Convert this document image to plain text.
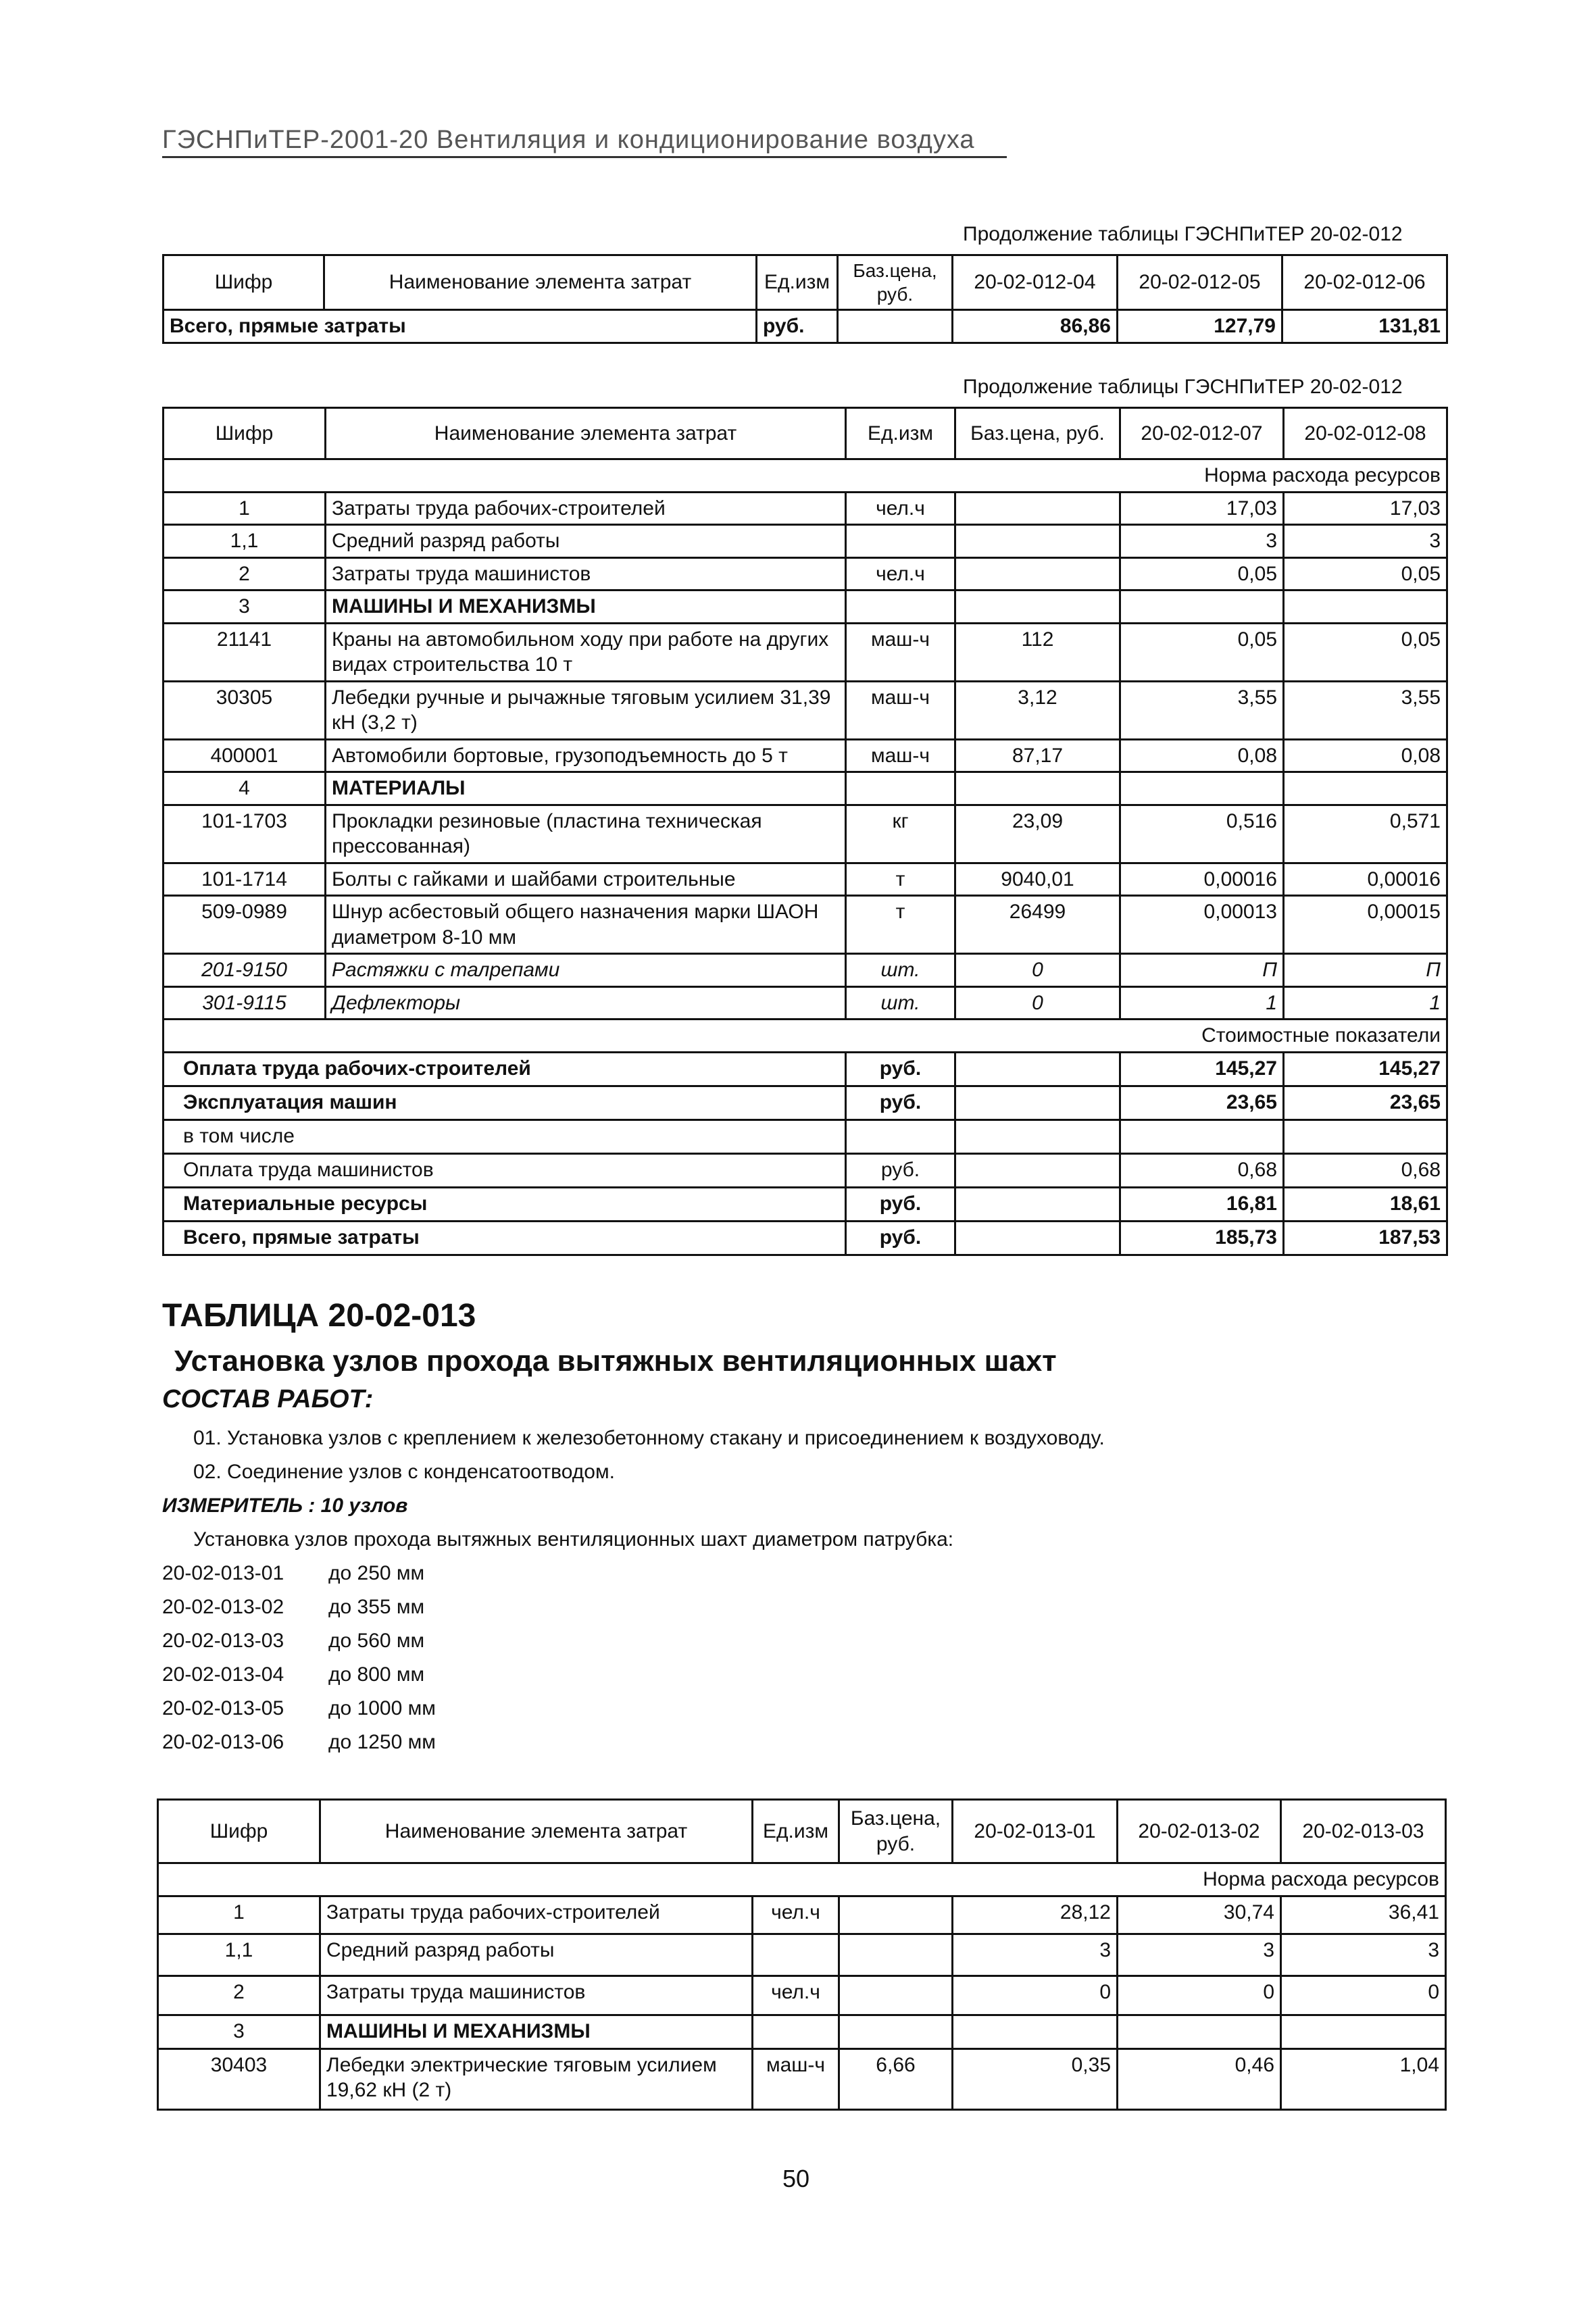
ГЭСНПиТЕР-2001-20 Вентиляция и кондиционирование воздуха
Продолжение таблицы ГЭСНПиТЕР 20-02-012
Шифр	Наименование элемента затрат	Ед.изм	Баз.цена, руб.	20-02-012-04	20-02-012-05	20-02-012-06
Всего, прямые затраты		руб.		86,86	127,79	131,81
Продолжение таблицы ГЭСНПиТЕР 20-02-012
Шифр	Наименование элемента затрат	Ед.изм	Баз.цена, руб.	20-02-012-07	20-02-012-08
Норма расхода ресурсов					
1	Затраты труда рабочих-строителей	чел.ч		17,03	17,03
1,1	Средний разряд работы			3	3
2	Затраты труда машинистов	чел.ч		0,05	0,05
3	МАШИНЫ И МЕХАНИЗМЫ				
21141	Краны на автомобильном ходу при работе на других видах строительства 10 т	маш-ч	112	0,05	0,05
30305	Лебедки ручные и рычажные тяговым усилием 31,39 кН (3,2 т)	маш-ч	3,12	3,55	3,55
400001	Автомобили бортовые, грузоподъемность до 5 т	маш-ч	87,17	0,08	0,08
4	МАТЕРИАЛЫ				
101-1703	Прокладки резиновые (пластина техническая прессованная)	кг	23,09	0,516	0,571
101-1714	Болты с гайками и шайбами строительные	т	9040,01	0,00016	0,00016
509-0989	Шнур асбестовый общего назначения марки ШАОН диаметром 8-10 мм	т	26499	0,00013	0,00015
201-9150	Растяжки с талрепами	шт.	0	П	П
301-9115	Дефлекторы	шт.	0	1	1
Стоимостные показатели					
Оплата труда рабочих-строителей		руб.		145,27	145,27
Эксплуатация машин		руб.		23,65	23,65
в том числе					
Оплата труда машинистов		руб.		0,68	0,68
Материальные ресурсы		руб.		16,81	18,61
Всего, прямые затраты		руб.		185,73	187,53
ТАБЛИЦА 20-02-013
Установка узлов прохода вытяжных вентиляционных шахт
СОСТАВ РАБОТ:
01. Установка узлов с креплением к железобетонному стакану и присоединением к воздуховоду.
02. Соединение узлов с конденсатоотводом.
ИЗМЕРИТЕЛЬ : 10 узлов
Установка узлов прохода вытяжных вентиляционных шахт диаметром патрубка:
20-02-013-01 до 250 мм
20-02-013-02 до 355 мм
20-02-013-03 до 560 мм
20-02-013-04 до 800 мм
20-02-013-05 до 1000 мм
20-02-013-06 до 1250 мм
Шифр	Наименование элемента затрат	Ед.изм	Баз.цена, руб.	20-02-013-01	20-02-013-02	20-02-013-03
Норма расхода ресурсов						
1	Затраты труда рабочих-строителей	чел.ч		28,12	30,74	36,41
1,1	Средний разряд работы			3	3	3
2	Затраты труда машинистов	чел.ч		0	0	0
3	МАШИНЫ И МЕХАНИЗМЫ					
30403	Лебедки электрические тяговым усилием 19,62 кН (2 т)	маш-ч	6,66	0,35	0,46	1,04
50
